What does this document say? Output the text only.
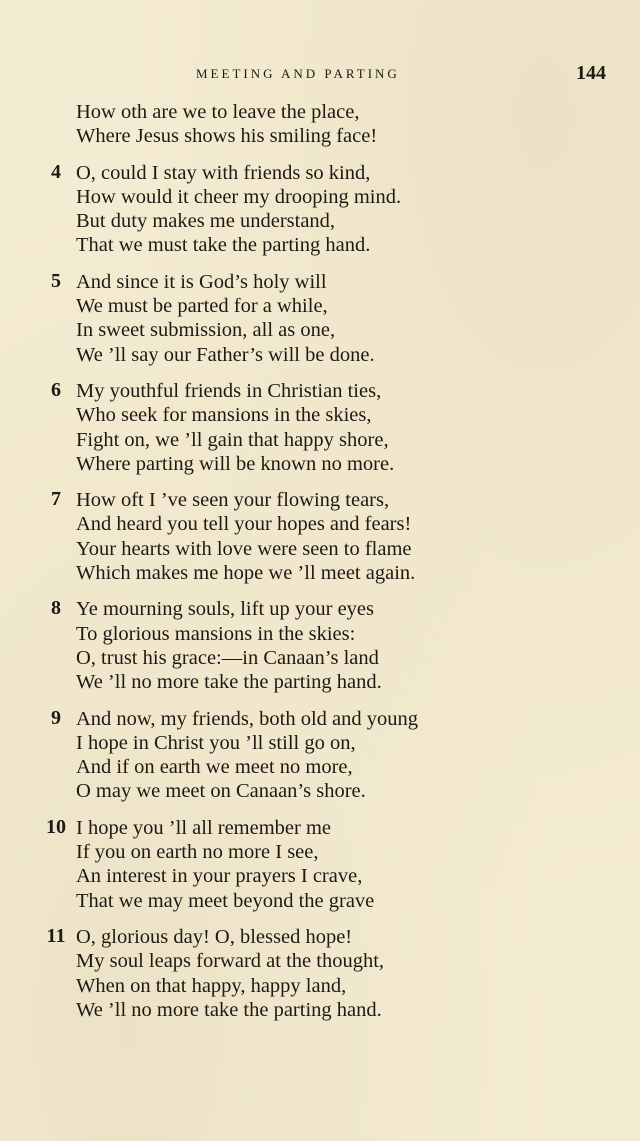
MEETING AND PARTING	144
How oth are we to leave the place,
Where Jesus shows his smiling face!
4 O, could I stay with friends so kind,
How would it cheer my drooping mind.
But duty makes me understand,
That we must take the parting hand.
5 And since it is God’s holy will
We must be parted for a while,
In sweet submission, all as one,
We ’ll say our Father’s will be done.
6 My youthful friends in Christian ties,
Who seek for mansions in the skies,
Fight on, we ’ll gain that happy shore,
Where parting will be known no more.
7 How oft I ’ve seen your flowing tears,
And heard you tell your hopes and fears!
Your hearts with love were seen to flame
Which makes me hope we ’ll meet again.
8 Ye mourning souls, lift up your eyes
To glorious mansions in the skies:
O, trust his grace:—in Canaan’s land
We ’ll no more take the parting hand.
9 And now, my friends, both old and young
I hope in Christ you ’ll still go on,
And if on earth we meet no more,
O may we meet on Canaan’s shore.
10 I hope you ’ll all remember me
If you on earth no more I see,
An interest in your prayers I crave,
That we may meet beyond the grave
11 O, glorious day! O, blessed hope!
My soul leaps forward at the thought,
When on that happy, happy land,
We ’ll no more take the parting hand.
